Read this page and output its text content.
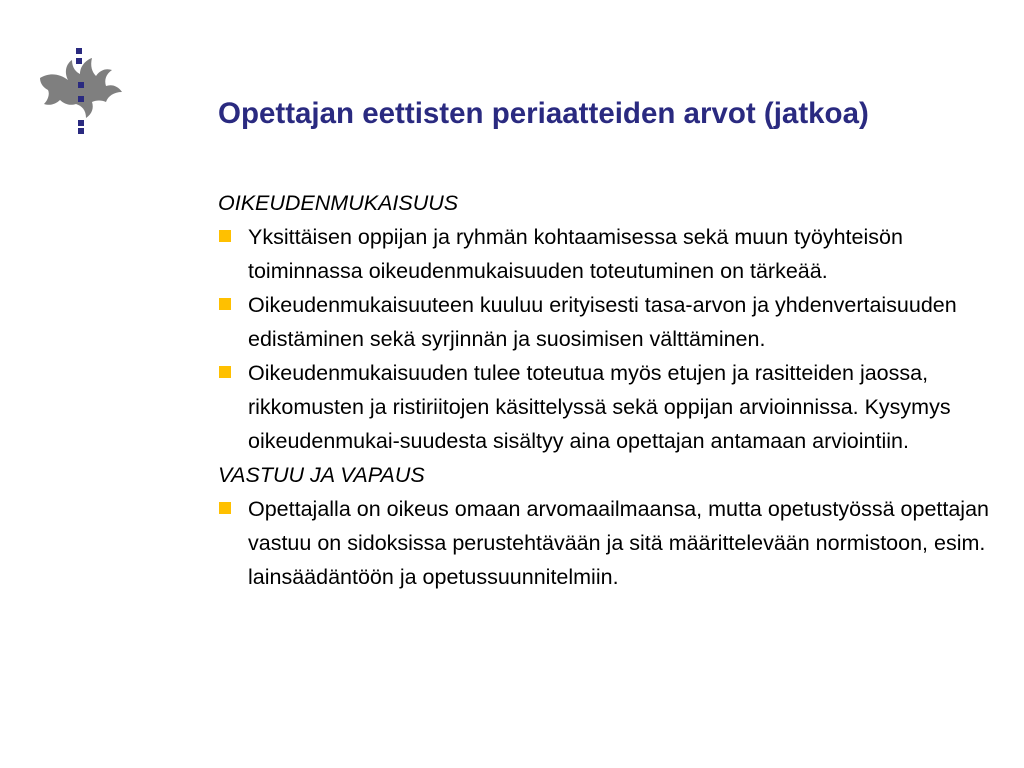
Opettajan eettisten periaatteiden arvot (jatkoa)

OIKEUDENMUKAISUUS

Yksittäisen oppijan ja ryhmän kohtaamisessa sekä muun työyhteisön toiminnassa oikeudenmukaisuuden toteutuminen on tärkeää.
Oikeudenmukaisuuteen kuuluu erityisesti tasa-arvon ja yhdenvertaisuuden edistäminen sekä syrjinnän ja suosimisen välttäminen.
Oikeudenmukaisuuden tulee toteutua myös etujen ja rasitteiden jaossa, rikkomusten ja ristiriitojen käsittelyssä sekä oppijan arvioinnissa. Kysymys oikeudenmukai-suudesta sisältyy aina opettajan antamaan arviointiin.

VASTUU JA VAPAUS

Opettajalla on oikeus omaan arvomaailmaansa, mutta opetustyössä opettajan vastuu on sidoksissa perustehtävään ja sitä määrittelevään normistoon, esim. lainsäädäntöön ja opetussuunnitelmiin.
